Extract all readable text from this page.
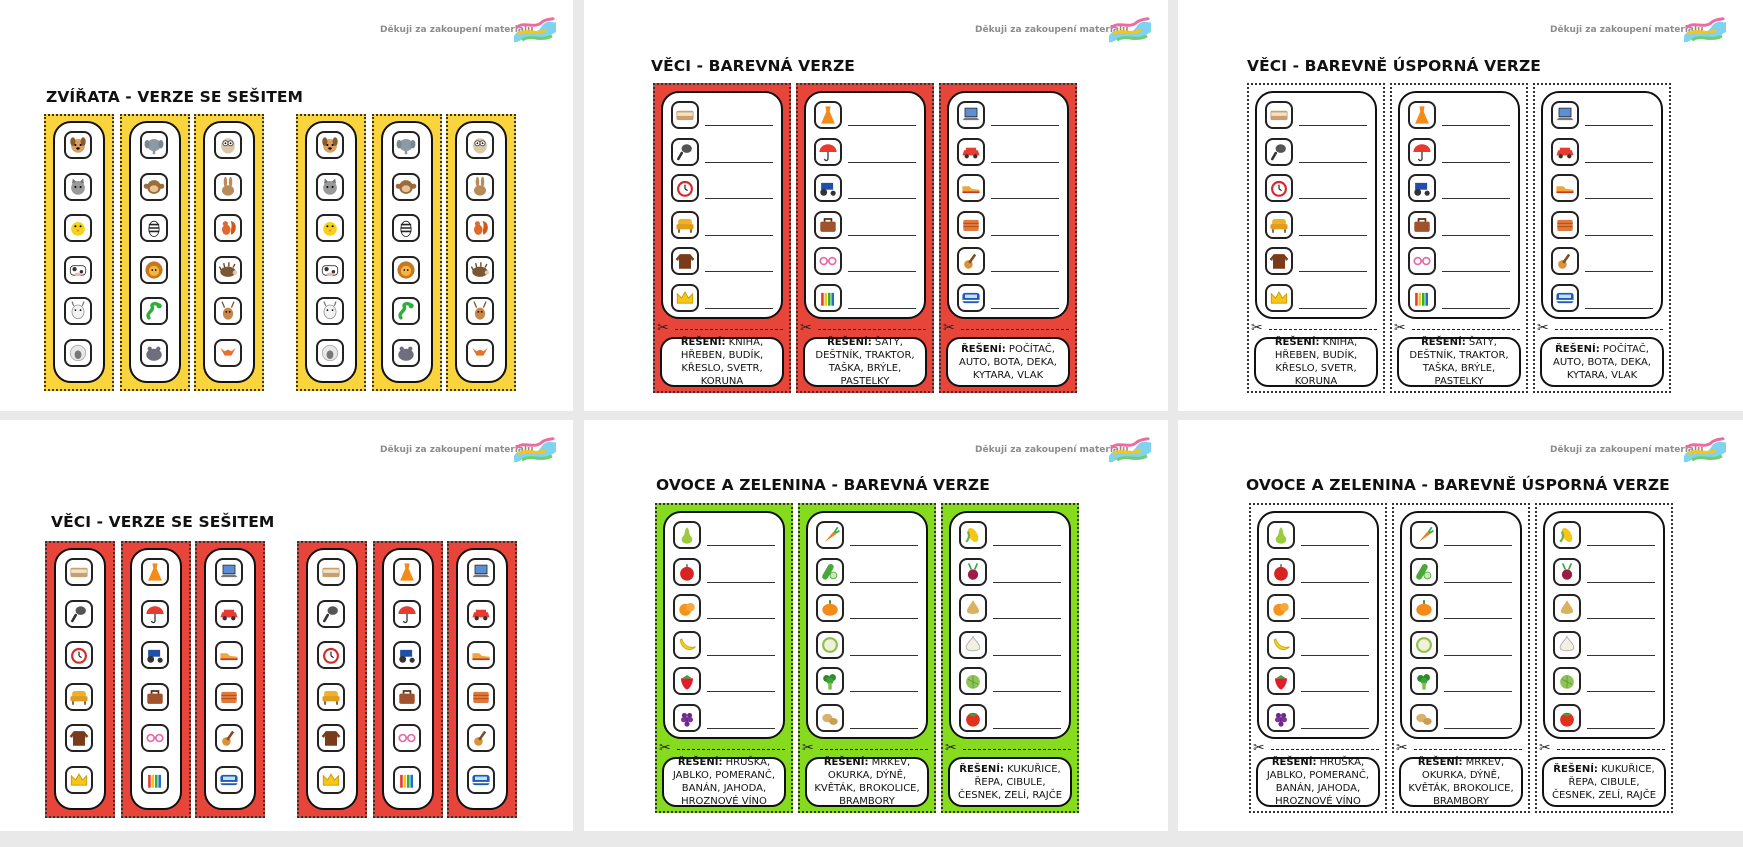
Děkuji za zakoupení materiálu
ZVÍŘATA - VERZE SE SEŠITEM
Děkuji za zakoupení materiálu
VĚCI - BAREVNÁ VERZE
✂
ŘEŠENÍ: KNIHA, HŘEBEN, BUDÍK, KŘESLO, SVETR, KORUNA
✂
ŘEŠENÍ: ŠATY, DEŠTNÍK, TRAKTOR, TAŠKA, BRÝLE, PASTELKY
✂
ŘEŠENÍ: POČÍTAČ, AUTO, BOTA, DEKA, KYTARA, VLAK
Děkuji za zakoupení materiálu
VĚCI - BAREVNĚ ÚSPORNÁ VERZE
✂
ŘEŠENÍ: KNIHA, HŘEBEN, BUDÍK, KŘESLO, SVETR, KORUNA
✂
ŘEŠENÍ: ŠATY, DEŠTNÍK, TRAKTOR, TAŠKA, BRÝLE, PASTELKY
✂
ŘEŠENÍ: POČÍTAČ, AUTO, BOTA, DEKA, KYTARA, VLAK
Děkuji za zakoupení materiálu
VĚCI - VERZE SE SEŠITEM
Děkuji za zakoupení materiálu
OVOCE A ZELENINA - BAREVNÁ VERZE
✂
ŘEŠENÍ: HRUŠKA, JABLKO, POMERANČ, BANÁN, JAHODA, HROZNOVÉ VÍNO
✂
ŘEŠENÍ: MRKEV, OKURKA, DÝNĚ, KVĚTÁK, BROKOLICE, BRAMBORY
✂
ŘEŠENÍ: KUKUŘICE, ŘEPA, CIBULE, ČESNEK, ZELÍ, RAJČE
Děkuji za zakoupení materiálu
OVOCE A ZELENINA - BAREVNĚ ÚSPORNÁ VERZE
✂
ŘEŠENÍ: HRUŠKA, JABLKO, POMERANČ, BANÁN, JAHODA, HROZNOVÉ VÍNO
✂
ŘEŠENÍ: MRKEV, OKURKA, DÝNĚ, KVĚTÁK, BROKOLICE, BRAMBORY
✂
ŘEŠENÍ: KUKUŘICE, ŘEPA, CIBULE, ČESNEK, ZELÍ, RAJČE
